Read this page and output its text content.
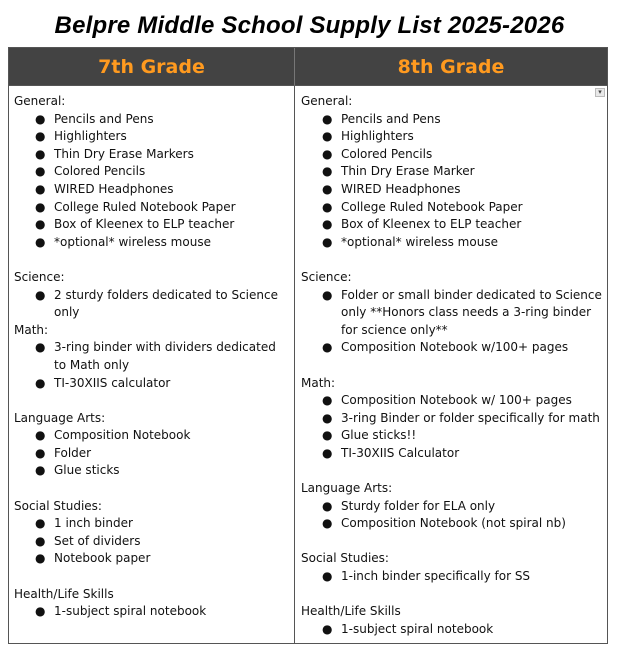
Belpre Middle School Supply List 2025-2026
7th Grade	8th Grade
General:
● Pencils and Pens
● Highlighters
● Thin Dry Erase Markers
● Colored Pencils
● WIRED Headphones
● College Ruled Notebook Paper
● Box of Kleenex to ELP teacher
● *optional* wireless mouse
Science:
● 2 sturdy folders dedicated to Science only
Math:
● 3-ring binder with dividers dedicated to Math only
● TI-30XIIS calculator
Language Arts:
● Composition Notebook
● Folder
● Glue sticks
Social Studies:
● 1 inch binder
● Set of dividers
● Notebook paper
Health/Life Skills
● 1-subject spiral notebook
▾
General:
● Pencils and Pens
● Highlighters
● Colored Pencils
● Thin Dry Erase Marker
● WIRED Headphones
● College Ruled Notebook Paper
● Box of Kleenex to ELP teacher
● *optional* wireless mouse
Science:
● Folder or small binder dedicated to Science only **Honors class needs a 3-ring binder for science only**
● Composition Notebook w/100+ pages
Math:
● Composition Notebook w/ 100+ pages
● 3-ring Binder or folder specifically for math
● Glue sticks!!
● TI-30XIIS Calculator
Language Arts:
● Sturdy folder for ELA only
● Composition Notebook (not spiral nb)
Social Studies:
● 1-inch binder specifically for SS
Health/Life Skills
● 1-subject spiral notebook
